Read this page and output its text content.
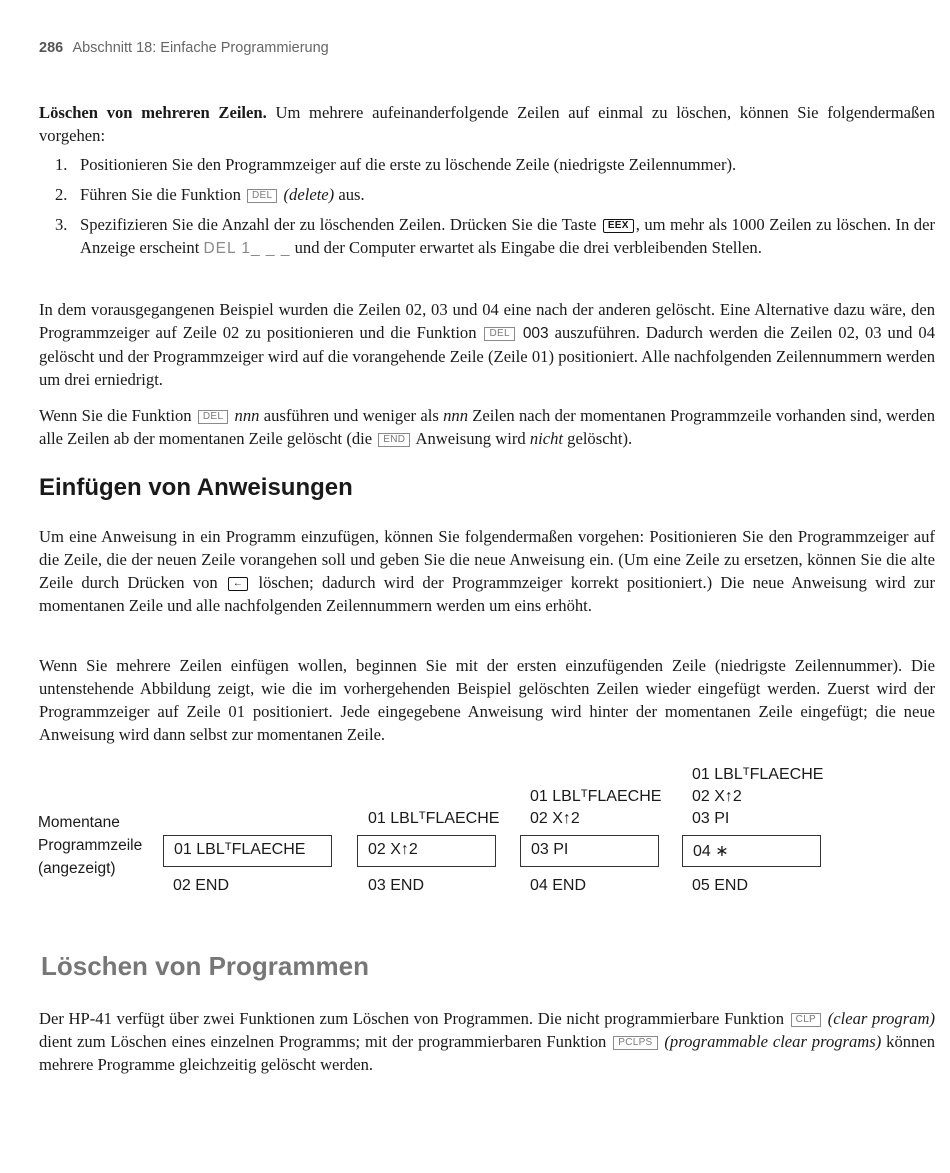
286 Abschnitt 18: Einfache Programmierung

Löschen von mehreren Zeilen. Um mehrere aufeinanderfolgende Zeilen auf einmal zu löschen, können Sie folgendermaßen vorgehen:

1. Positionieren Sie den Programmzeiger auf die erste zu löschende Zeile (niedrigste Zeilennummer).
2. Führen Sie die Funktion DEL (delete) aus.
3. Spezifizieren Sie die Anzahl der zu löschenden Zeilen. Drücken Sie die Taste EEX , um mehr als 1000 Zeilen zu löschen. In der Anzeige erscheint DEL 1_ _ _ und der Computer erwartet als Eingabe die drei verbleibenden Stellen.

In dem vorausgegangenen Beispiel wurden die Zeilen 02, 03 und 04 eine nach der anderen gelöscht. Eine Alternative dazu wäre, den Programmzeiger auf Zeile 02 zu positionieren und die Funktion DEL 003 auszuführen. Dadurch werden die Zeilen 02, 03 und 04 gelöscht und der Programmzeiger wird auf die vorangehende Zeile (Zeile 01) positioniert. Alle nachfolgenden Zeilennummern werden um drei erniedrigt.

Wenn Sie die Funktion DEL nnn ausführen und weniger als nnn Zeilen nach der momentanen Programmzeile vorhanden sind, werden alle Zeilen ab der momentanen Zeile gelöscht (die END Anweisung wird nicht gelöscht).

Einfügen von Anweisungen

Um eine Anweisung in ein Programm einzufügen, können Sie folgendermaßen vorgehen: Positionieren Sie den Programmzeiger auf die Zeile, die der neuen Zeile vorangehen soll und geben Sie die neue Anweisung ein. (Um eine Zeile zu ersetzen, können Sie die alte Zeile durch Drücken von ← löschen; dadurch wird der Programmzeiger korrekt positioniert.) Die neue Anweisung wird zur momentanen Zeile und alle nachfolgenden Zeilennummern werden um eins erhöht.

Wenn Sie mehrere Zeilen einfügen wollen, beginnen Sie mit der ersten einzufügenden Zeile (niedrigste Zeilennummer). Die untenstehende Abbildung zeigt, wie die im vorhergehenden Beispiel gelöschten Zeilen wieder eingefügt werden. Zuerst wird der Programmzeiger auf Zeile 01 positioniert. Jede eingegebene Anweisung wird hinter der momentanen Zeile eingefügt; die neue Anweisung wird dann selbst zur momentanen Zeile.

Momentane
Programmzeile
(angezeigt)
01 LBLᵀFLAECHE
02 END
01 LBLᵀFLAECHE
02 X↑2
03 END
01 LBLᵀFLAECHE
02 X↑2
03 PI
04 END
01 LBLᵀFLAECHE
02 X↑2
03 PI
04 ∗
05 END
Löschen von Programmen

Der HP-41 verfügt über zwei Funktionen zum Löschen von Programmen. Die nicht programmierbare Funktion CLP (clear program) dient zum Löschen eines einzelnen Programms; mit der programmierbaren Funktion PCLPS (programmable clear programs) können mehrere Programme gleichzeitig gelöscht werden.
